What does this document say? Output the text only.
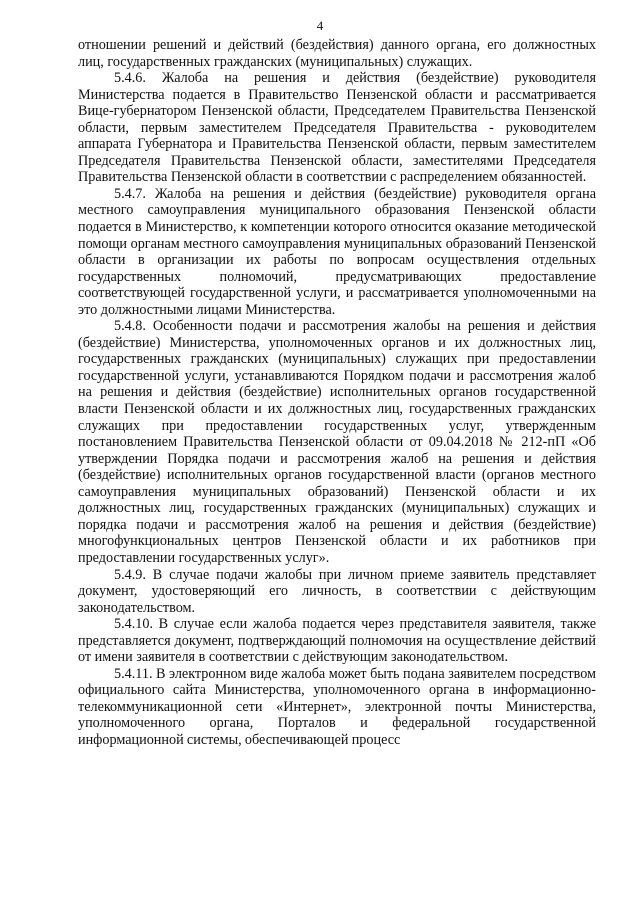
4

отношении решений и действий (бездействия) данного органа, его должностных лиц, государственных гражданских (муниципальных) служащих.

5.4.6. Жалоба на решения и действия (бездействие) руководителя Министерства подается в Правительство Пензенской области и рассматривается Вице-губернатором Пензенской области, Председателем Правительства Пензенской области, первым заместителем Председателя Правительства - руководителем аппарата Губернатора и Правительства Пензенской области, первым заместителем Председателя Правительства Пензенской области, заместителями Председателя Правительства Пензенской области в соответствии с распределением обязанностей.

5.4.7. Жалоба на решения и действия (бездействие) руководителя органа местного самоуправления муниципального образования Пензенской области подается в Министерство, к компетенции которого относится оказание методической помощи органам местного самоуправления муниципальных образований Пензенской области в организации их работы по вопросам осуществления отдельных государственных полномочий, предусматривающих предоставление соответствующей государственной услуги, и рассматривается уполномоченными на это должностными лицами Министерства.

5.4.8. Особенности подачи и рассмотрения жалобы на решения и действия (бездействие) Министерства, уполномоченных органов и их должностных лиц, государственных гражданских (муниципальных) служащих при предоставлении государственной услуги, устанавливаются Порядком подачи и рассмотрения жалоб на решения и действия (бездействие) исполнительных органов государственной власти Пензенской области и их должностных лиц, государственных гражданских служащих при предоставлении государственных услуг, утвержденным постановлением Правительства Пензенской области от 09.04.2018 № 212-пП «Об утверждении Порядка подачи и рассмотрения жалоб на решения и действия (бездействие) исполнительных органов государственной власти (органов местного самоуправления муниципальных образований) Пензенской области и их должностных лиц, государственных гражданских (муниципальных) служащих и порядка подачи и рассмотрения жалоб на решения и действия (бездействие) многофункциональных центров Пензенской области и их работников при предоставлении государственных услуг».

5.4.9. В случае подачи жалобы при личном приеме заявитель представляет документ, удостоверяющий его личность, в соответствии с действующим законодательством.

5.4.10. В случае если жалоба подается через представителя заявителя, также представляется документ, подтверждающий полномочия на осуществление действий от имени заявителя в соответствии с действующим законодательством.

5.4.11. В электронном виде жалоба может быть подана заявителем посредством официального сайта Министерства, уполномоченного органа в информационно-телекоммуникационной сети «Интернет», электронной почты Министерства, уполномоченного органа, Порталов и федеральной государственной информационной системы, обеспечивающей процесс
